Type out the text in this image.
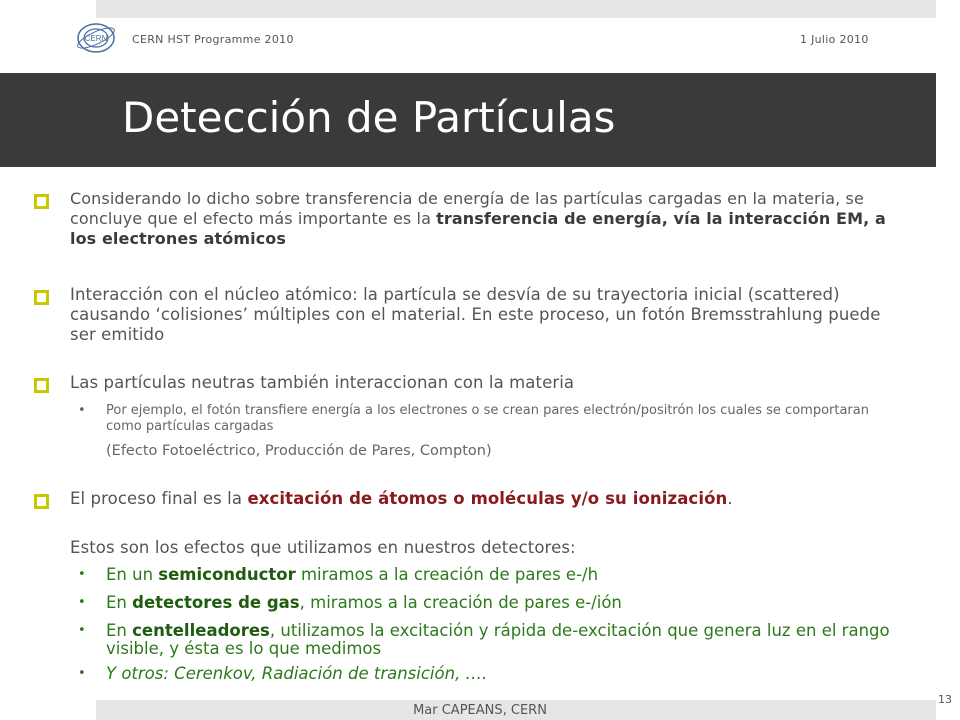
CERN CERN HST Programme 2010	1 Julio 2010
Detección de Partículas
Considerando lo dicho sobre transferencia de energía de las partículas cargadas en la materia, se concluye que el efecto más importante es la transferencia de energía, vía la interacción EM, a los electrones atómicos
Interacción con el núcleo atómico: la partícula se desvía de su trayectoria inicial (scattered) causando ‘colisiones’ múltiples con el material. En este proceso, un fotón Bremsstrahlung puede ser emitido
Las partículas neutras también interaccionan con la materia
• Por ejemplo, el fotón transfiere energía a los electrones o se crean pares electrón/positrón los cuales se comportaran como partículas cargadas
(Efecto Fotoeléctrico, Producción de Pares, Compton)
El proceso final es la excitación de átomos o moléculas y/o su ionización.
Estos son los efectos que utilizamos en nuestros detectores:
• En un semiconductor miramos a la creación de pares e-/h
• En detectores de gas, miramos a la creación de pares e-/ión
• En centelleadores, utilizamos la excitación y rápida de-excitación que genera luz en el rango visible, y ésta es lo que medimos
• Y otros: Cerenkov, Radiación de transición, ….
Mar CAPEANS, CERN
13
